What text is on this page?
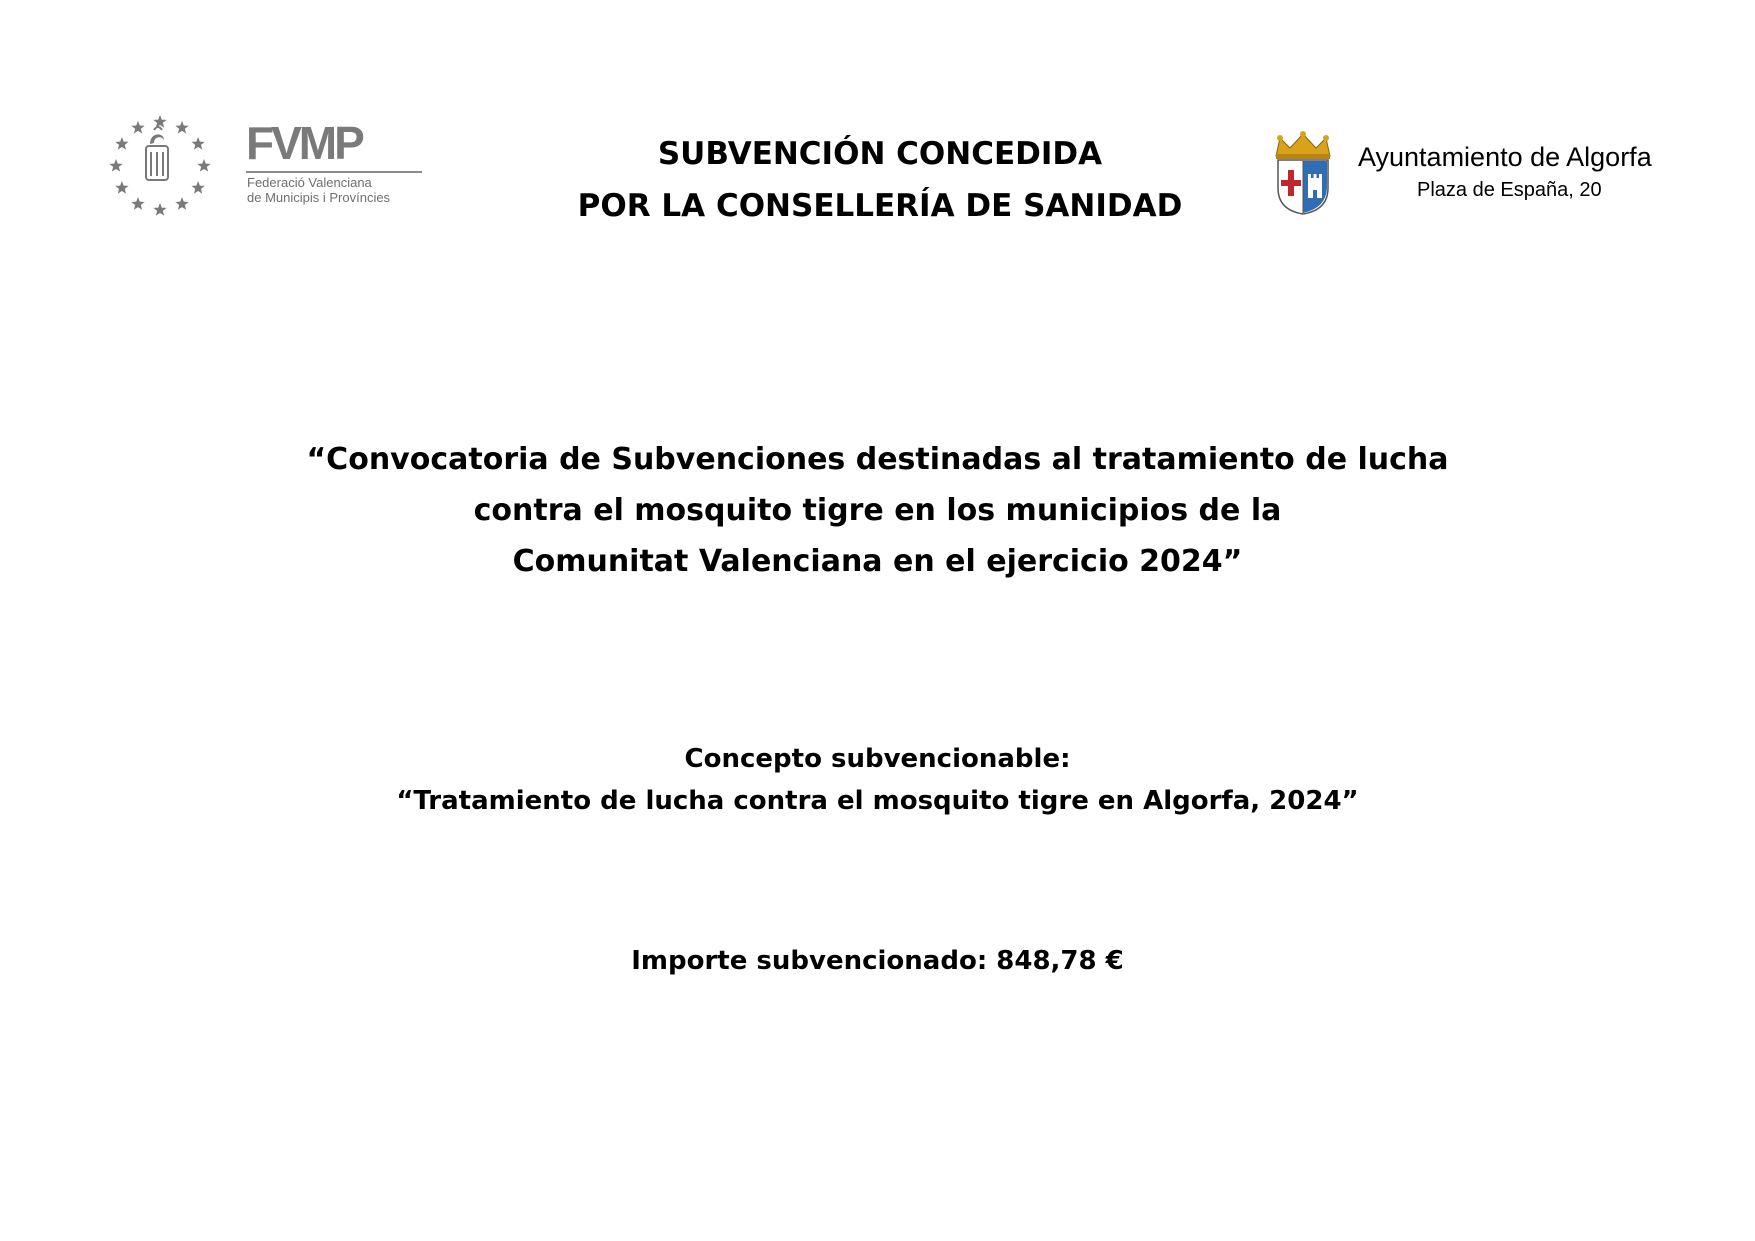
FVMP
Federació Valenciana
de Municipis i Províncies
SUBVENCIÓN CONCEDIDA
POR LA CONSELLERÍA DE SANIDAD
Ayuntamiento de Algorfa
Plaza de España, 20
“Convocatoria de Subvenciones destinadas al tratamiento de lucha
contra el mosquito tigre en los municipios de la
Comunitat Valenciana en el ejercicio 2024”
Concepto subvencionable:
“Tratamiento de lucha contra el mosquito tigre en Algorfa, 2024”
Importe subvencionado: 848,78 €
